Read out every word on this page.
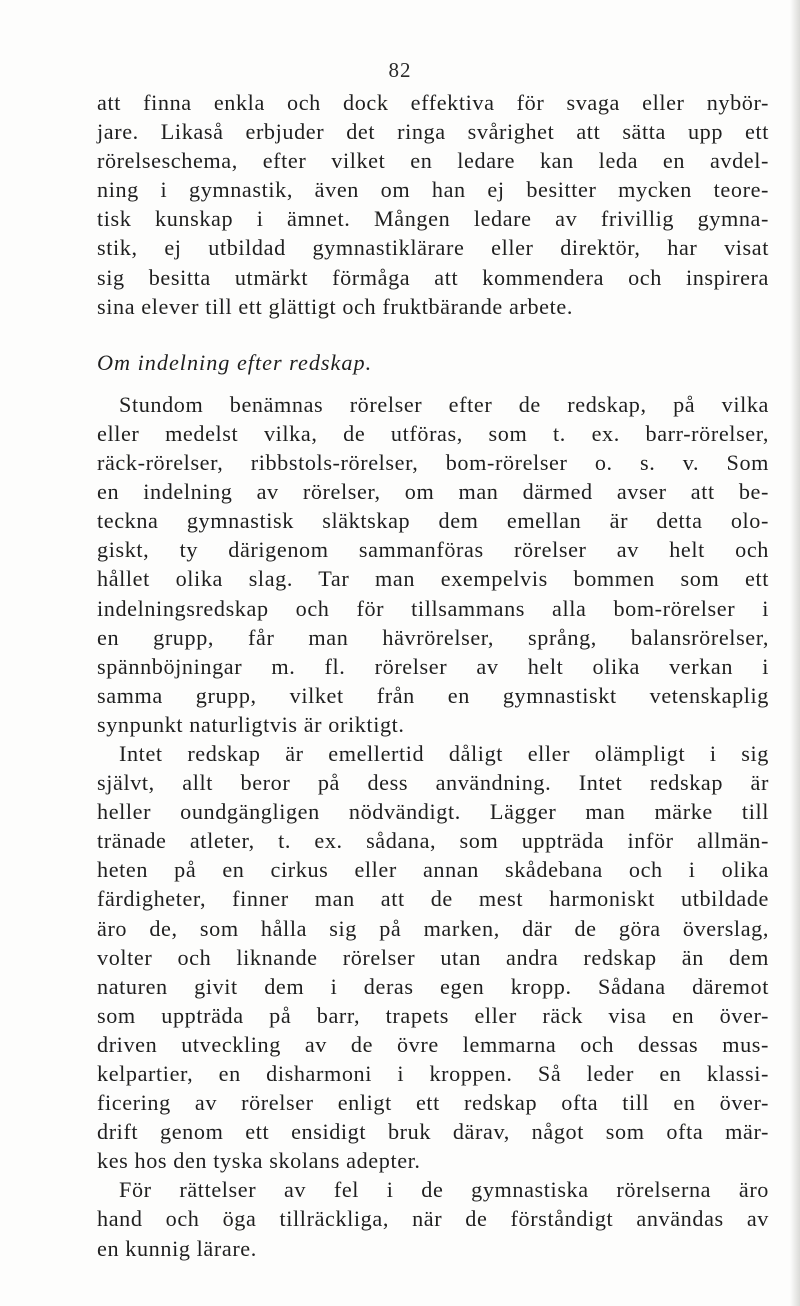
82
att finna enkla och dock effektiva för svaga eller nybör-
jare. Likaså erbjuder det ringa svårighet att sätta upp ett
rörelseschema, efter vilket en ledare kan leda en avdel-
ning i gymnastik, även om han ej besitter mycken teore-
tisk kunskap i ämnet. Mången ledare av frivillig gymna-
stik, ej utbildad gymnastiklärare eller direktör, har visat
sig besitta utmärkt förmåga att kommendera och inspirera
sina elever till ett glättigt och fruktbärande arbete.
Om indelning efter redskap.
Stundom benämnas rörelser efter de redskap, på vilka
eller medelst vilka, de utföras, som t. ex. barr-rörelser,
räck-rörelser, ribbstols-rörelser, bom-rörelser o. s. v. Som
en indelning av rörelser, om man därmed avser att be-
teckna gymnastisk släktskap dem emellan är detta olo-
giskt, ty därigenom sammanföras rörelser av helt och
hållet olika slag. Tar man exempelvis bommen som ett
indelningsredskap och för tillsammans alla bom-rörelser i
en grupp, får man hävrörelser, språng, balansrörelser,
spännböjningar m. fl. rörelser av helt olika verkan i
samma grupp, vilket från en gymnastiskt vetenskaplig
synpunkt naturligtvis är oriktigt.
Intet redskap är emellertid dåligt eller olämpligt i sig
självt, allt beror på dess användning. Intet redskap är
heller oundgängligen nödvändigt. Lägger man märke till
tränade atleter, t. ex. sådana, som uppträda inför allmän-
heten på en cirkus eller annan skådebana och i olika
färdigheter, finner man att de mest harmoniskt utbildade
äro de, som hålla sig på marken, där de göra överslag,
volter och liknande rörelser utan andra redskap än dem
naturen givit dem i deras egen kropp. Sådana däremot
som uppträda på barr, trapets eller räck visa en över-
driven utveckling av de övre lemmarna och dessas mus-
kelpartier, en disharmoni i kroppen. Så leder en klassi-
ficering av rörelser enligt ett redskap ofta till en över-
drift genom ett ensidigt bruk därav, något som ofta mär-
kes hos den tyska skolans adepter.
För rättelser av fel i de gymnastiska rörelserna äro
hand och öga tillräckliga, när de förståndigt användas av
en kunnig lärare.
